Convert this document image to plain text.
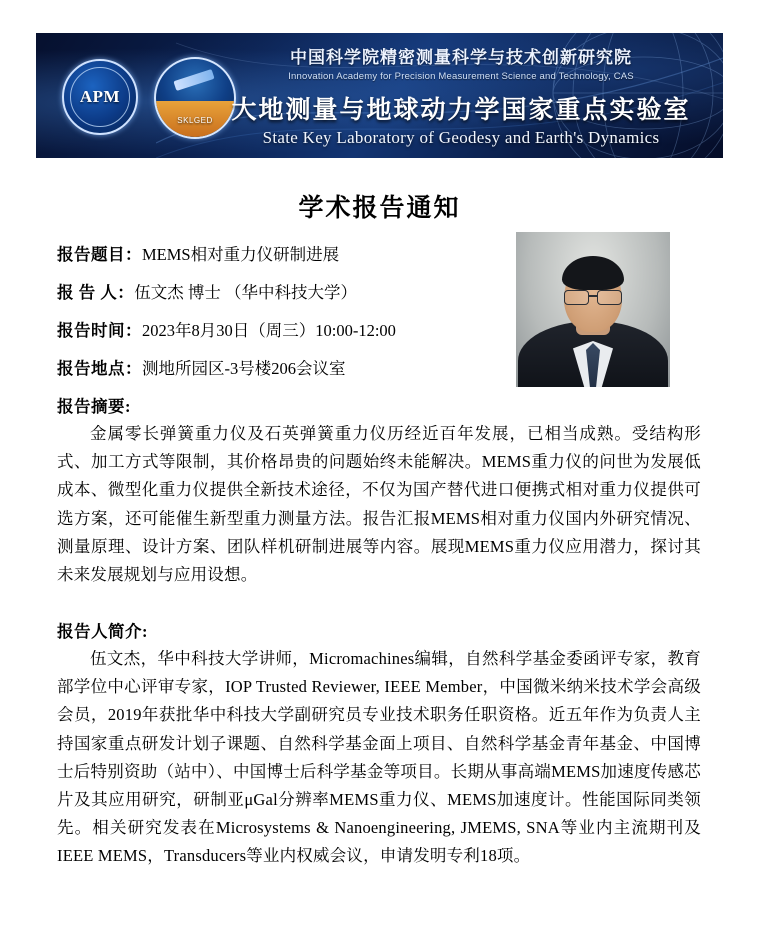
APM
SKLGED
中国科学院精密测量科学与技术创新研究院
Innovation Academy for Precision Measurement Science and Technology, CAS
大地测量与地球动力学国家重点实验室
State Key Laboratory of Geodesy and Earth's Dynamics
学术报告通知
报告题目：MEMS相对重力仪研制进展
报 告 人：伍文杰 博士 （华中科技大学）
报告时间：2023年8月30日（周三）10:00-12:00
报告地点：测地所园区-3号楼206会议室
报告摘要:
金属零长弹簧重力仪及石英弹簧重力仪历经近百年发展，已相当成熟。受结构形式、加工方式等限制，其价格昂贵的问题始终未能解决。MEMS重力仪的问世为发展低成本、微型化重力仪提供全新技术途径，不仅为国产替代进口便携式相对重力仪提供可选方案，还可能催生新型重力测量方法。报告汇报MEMS相对重力仪国内外研究情况、测量原理、设计方案、团队样机研制进展等内容。展现MEMS重力仪应用潜力，探讨其未来发展规划与应用设想。
报告人简介:
伍文杰，华中科技大学讲师，Micromachines编辑，自然科学基金委函评专家，教育部学位中心评审专家，IOP Trusted Reviewer, IEEE Member，中国微米纳米技术学会高级会员，2019年获批华中科技大学副研究员专业技术职务任职资格。近五年作为负责人主持国家重点研发计划子课题、自然科学基金面上项目、自然科学基金青年基金、中国博士后特别资助（站中）、中国博士后科学基金等项目。长期从事高端MEMS加速度传感芯片及其应用研究，研制亚μGal分辨率MEMS重力仪、MEMS加速度计。性能国际同类领先。相关研究发表在Microsystems & Nanoengineering, JMEMS, SNA等业内主流期刊及IEEE MEMS，Transducers等业内权威会议，申请发明专利18项。
